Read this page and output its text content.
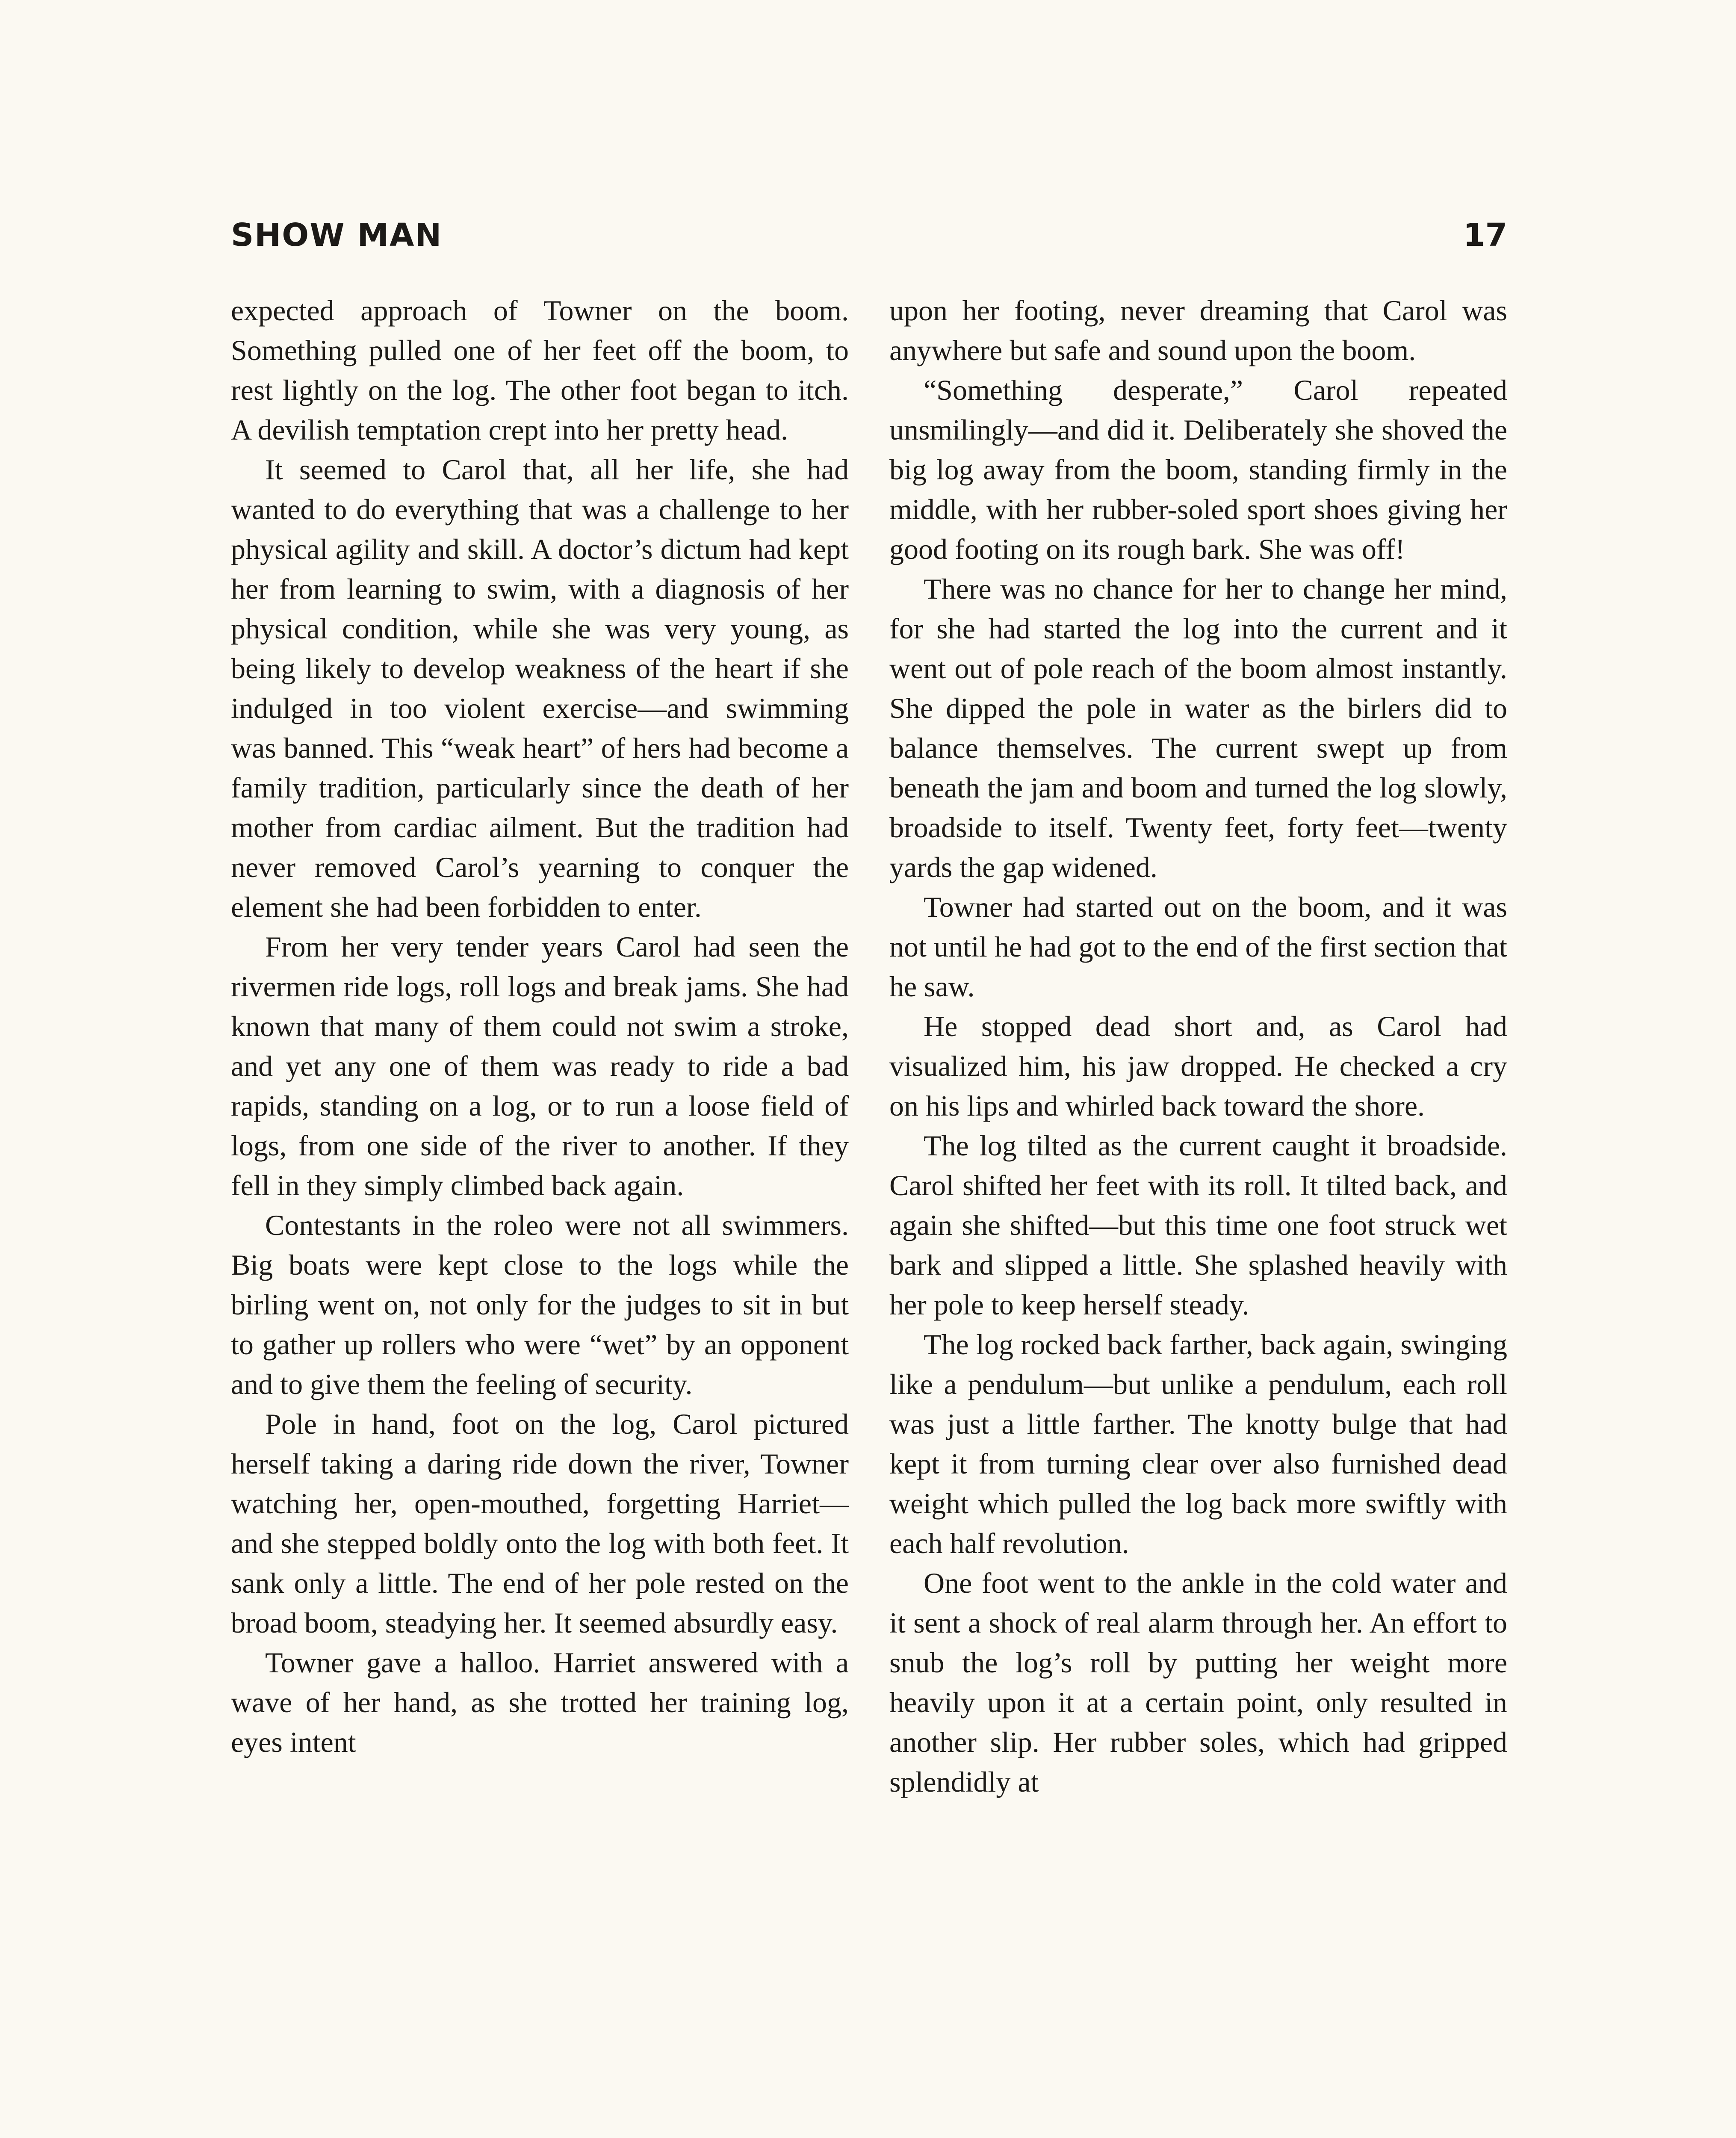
SHOW MAN	17

expected approach of Towner on the boom. Something pulled one of her feet off the boom, to rest lightly on the log. The other foot began to itch. A devilish temptation crept into her pretty head.

It seemed to Carol that, all her life, she had wanted to do everything that was a challenge to her physical agility and skill. A doctor’s dictum had kept her from learning to swim, with a diagnosis of her physical condition, while she was very young, as being likely to develop weakness of the heart if she indulged in too violent exercise—and swimming was banned. This “weak heart” of hers had become a family tradition, particularly since the death of her mother from cardiac ailment. But the tradition had never removed Carol’s yearning to conquer the element she had been forbidden to enter.

From her very tender years Carol had seen the rivermen ride logs, roll logs and break jams. She had known that many of them could not swim a stroke, and yet any one of them was ready to ride a bad rapids, standing on a log, or to run a loose field of logs, from one side of the river to another. If they fell in they simply climbed back again.

Contestants in the roleo were not all swimmers. Big boats were kept close to the logs while the birling went on, not only for the judges to sit in but to gather up rollers who were “wet” by an opponent and to give them the feeling of security.

Pole in hand, foot on the log, Carol pictured herself taking a daring ride down the river, Towner watching her, open-mouthed, forgetting Harriet—and she stepped boldly onto the log with both feet. It sank only a little. The end of her pole rested on the broad boom, steadying her. It seemed absurdly easy.

Towner gave a halloo. Harriet answered with a wave of her hand, as she trotted her training log, eyes intent

upon her footing, never dreaming that Carol was anywhere but safe and sound upon the boom.

“Something desperate,” Carol repeated unsmilingly—and did it. Deliberately she shoved the big log away from the boom, standing firmly in the middle, with her rubber-soled sport shoes giving her good footing on its rough bark. She was off!

There was no chance for her to change her mind, for she had started the log into the current and it went out of pole reach of the boom almost instantly. She dipped the pole in water as the birlers did to balance themselves. The current swept up from beneath the jam and boom and turned the log slowly, broadside to itself. Twenty feet, forty feet—twenty yards the gap widened.

Towner had started out on the boom, and it was not until he had got to the end of the first section that he saw.

He stopped dead short and, as Carol had visualized him, his jaw dropped. He checked a cry on his lips and whirled back toward the shore.

The log tilted as the current caught it broadside. Carol shifted her feet with its roll. It tilted back, and again she shifted—but this time one foot struck wet bark and slipped a little. She splashed heavily with her pole to keep herself steady.

The log rocked back farther, back again, swinging like a pendulum—but unlike a pendulum, each roll was just a little farther. The knotty bulge that had kept it from turning clear over also furnished dead weight which pulled the log back more swiftly with each half revolution.

One foot went to the ankle in the cold water and it sent a shock of real alarm through her. An effort to snub the log’s roll by putting her weight more heavily upon it at a certain point, only resulted in another slip. Her rubber soles, which had gripped splendidly at
